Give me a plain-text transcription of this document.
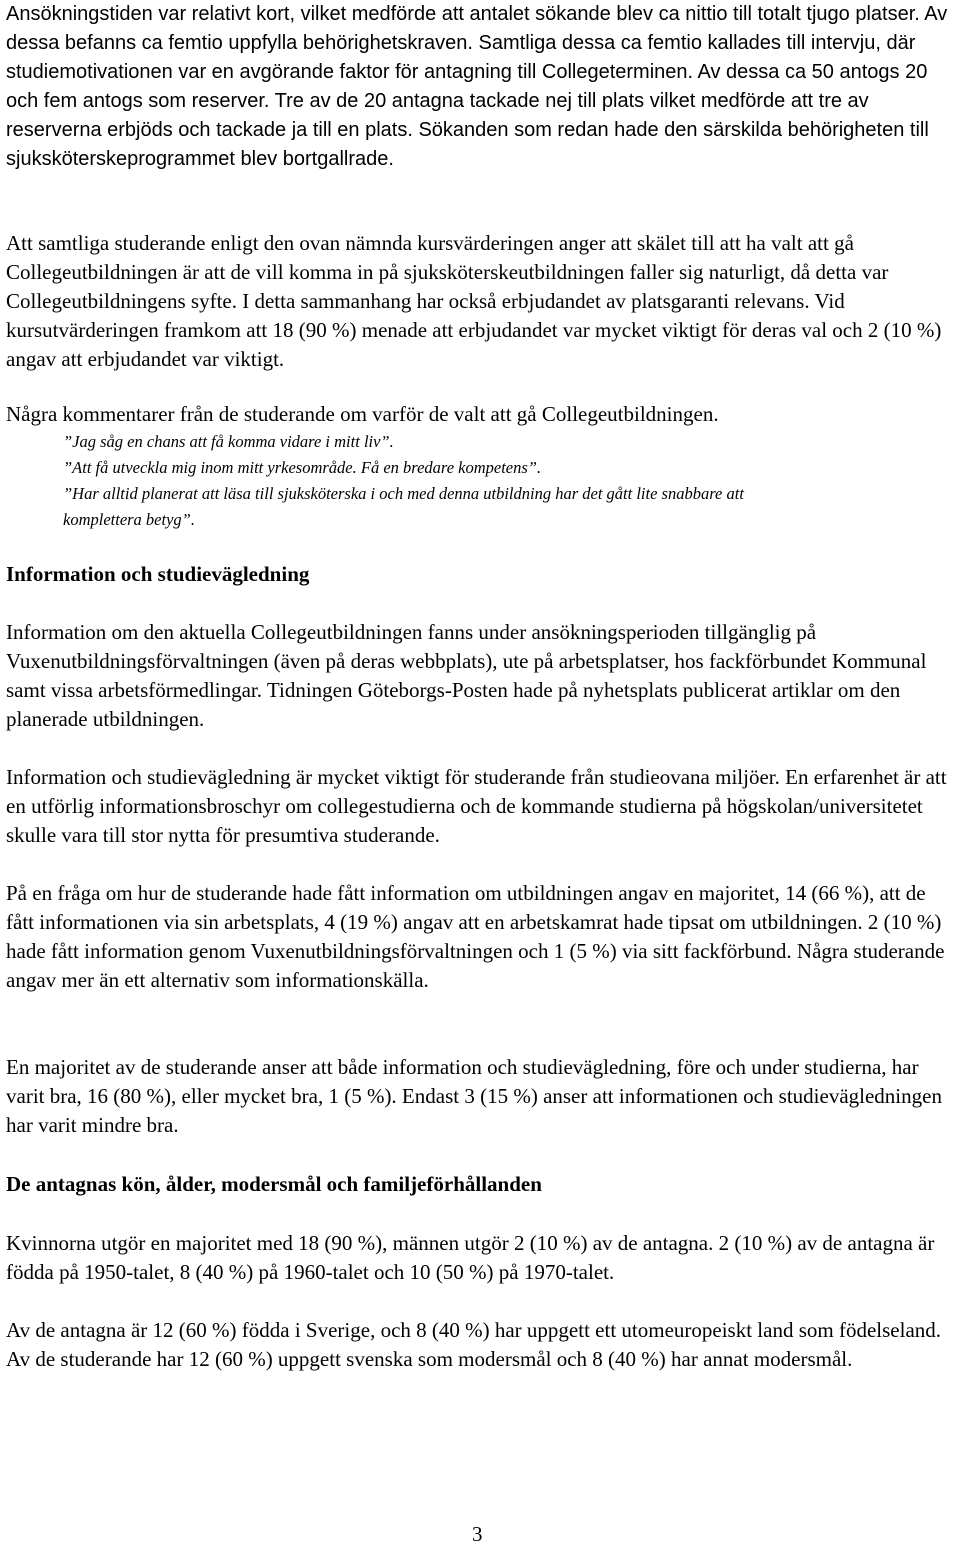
Ansökningstiden var relativt kort, vilket medförde att antalet sökande blev ca nittio till totalt tjugo platser. Av dessa befanns ca femtio uppfylla behörighetskraven. Samtliga dessa ca femtio kallades till intervju, där studiemotivationen var en avgörande faktor för antagning till Collegeterminen. Av dessa ca 50 antogs 20 och fem antogs som reserver. Tre av de 20 antagna tackade nej till plats vilket medförde att tre av reserverna erbjöds och tackade ja till en plats. Sökanden som redan hade den särskilda behörigheten till sjuksköterskeprogrammet blev bortgallrade.

Att samtliga studerande enligt den ovan nämnda kursvärderingen anger att skälet till att ha valt att gå Collegeutbildningen är att de vill komma in på sjuksköterskeutbildningen faller sig naturligt, då detta var Collegeutbildningens syfte. I detta sammanhang har också erbjudandet av platsgaranti relevans. Vid kursutvärderingen framkom att 18 (90 %) menade att erbjudandet var mycket viktigt för deras val och 2 (10 %) angav att erbjudandet var viktigt.

Några kommentarer från de studerande om varför de valt att gå Collegeutbildningen.

”Jag såg en chans att få komma vidare i mitt liv”.

”Att få utveckla mig inom mitt yrkesområde. Få en bredare kompetens”.

”Har alltid planerat att läsa till sjuksköterska i och med denna utbildning har det gått lite snabbare att

komplettera betyg”.

Information och studievägledning

Information om den aktuella Collegeutbildningen fanns under ansökningsperioden tillgänglig på Vuxenutbildningsförvaltningen (även på deras webbplats), ute på arbetsplatser, hos fackförbundet Kommunal samt vissa arbetsförmedlingar. Tidningen Göteborgs-Posten hade på nyhetsplats publicerat artiklar om den planerade utbildningen.

Information och studievägledning är mycket viktigt för studerande från studieovana miljöer. En erfarenhet är att en utförlig informationsbroschyr om collegestudierna och de kommande studierna på högskolan/universitetet skulle vara till stor nytta för presumtiva studerande.

På en fråga om hur de studerande hade fått information om utbildningen angav en majoritet, 14 (66 %), att de fått informationen via sin arbetsplats, 4 (19 %) angav att en arbetskamrat hade tipsat om utbildningen. 2 (10 %) hade fått information genom Vuxenutbildningsförvaltningen och 1 (5 %) via sitt fackförbund. Några studerande angav mer än ett alternativ som informationskälla.

En majoritet av de studerande anser att både information och studievägledning, före och under studierna, har varit bra, 16 (80 %), eller mycket bra, 1 (5 %). Endast 3 (15 %) anser att informationen och studievägledningen har varit mindre bra.

De antagnas kön, ålder, modersmål och familjeförhållanden

Kvinnorna utgör en majoritet med 18 (90 %), männen utgör 2 (10 %) av de antagna. 2 (10 %) av de antagna är födda på 1950-talet, 8 (40 %) på 1960-talet och 10 (50 %) på 1970-talet.

Av de antagna är 12 (60 %) födda i Sverige, och 8 (40 %) har uppgett ett utomeuropeiskt land som födelseland. Av de studerande har 12 (60 %) uppgett svenska som modersmål och 8 (40 %) har annat modersmål.

3
